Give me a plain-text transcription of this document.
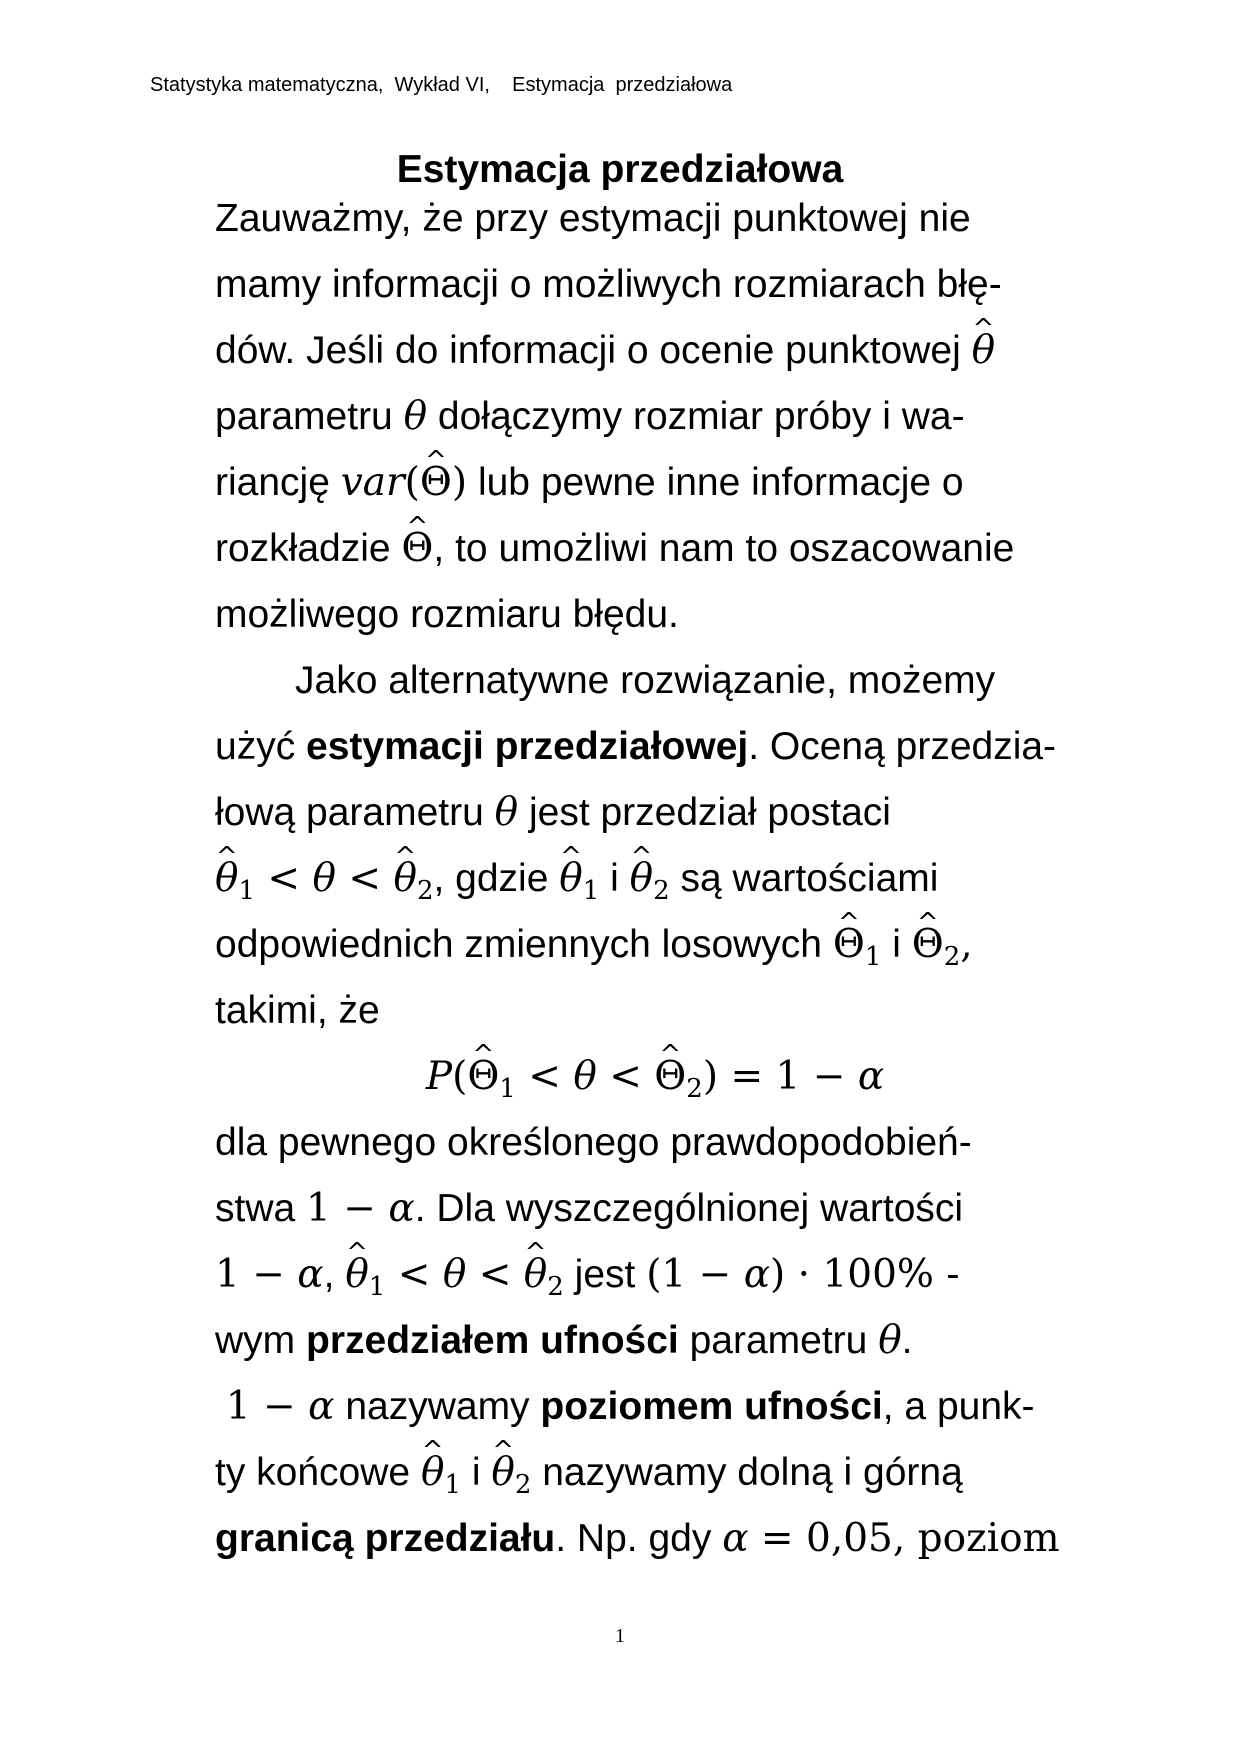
Statystyka matematyczna,  Wykład VI,    Estymacja  przedziałowa
Estymacja przedziałowa
Zauważmy, że przy estymacji punktowej nie
mamy informacji o możliwych rozmiarach błę-
dów. Jeśli do informacji o ocenie punktowej ^ θ
parametru θ dołączymy rozmiar próby i wa-
riancję var(^ Θ) lub pewne inne informacje o
rozkładzie ^ Θ, to umożliwi nam to oszacowanie
możliwego rozmiaru błędu.
Jako alternatywne rozwiązanie, możemy
użyć estymacji przedziałowej. Oceną przedzia-
łową parametru θ jest przedział postaci
^ $\theta_1 < \theta$ < ^ $\theta_2$, gdzie ^ $\theta_1$ i ^ $\theta_2$ są wartościami
odpowiednich zmiennych losowych ^ $\Theta_1$ i ^ $\Theta_2$,
takimi, że
P(^ $\Theta_1 < \theta$ < ^ $\Theta_2) = 1 - \alpha$
dla pewnego określonego prawdopodobień-
stwa 1 − α. Dla wyszczególnionej wartości
1 − α, ^ $\theta_1 < \theta$ < ^ $\theta_2$ jest (1 − α) · 100% -
wym przedziałem ufności parametru θ.
1 − α nazywamy poziomem ufności, a punk-
ty końcowe ^ $\theta_1$ i ^ $\theta_2$ nazywamy dolną i górną
granicą przedziału. Np. gdy α = 0,05, poziom
1
